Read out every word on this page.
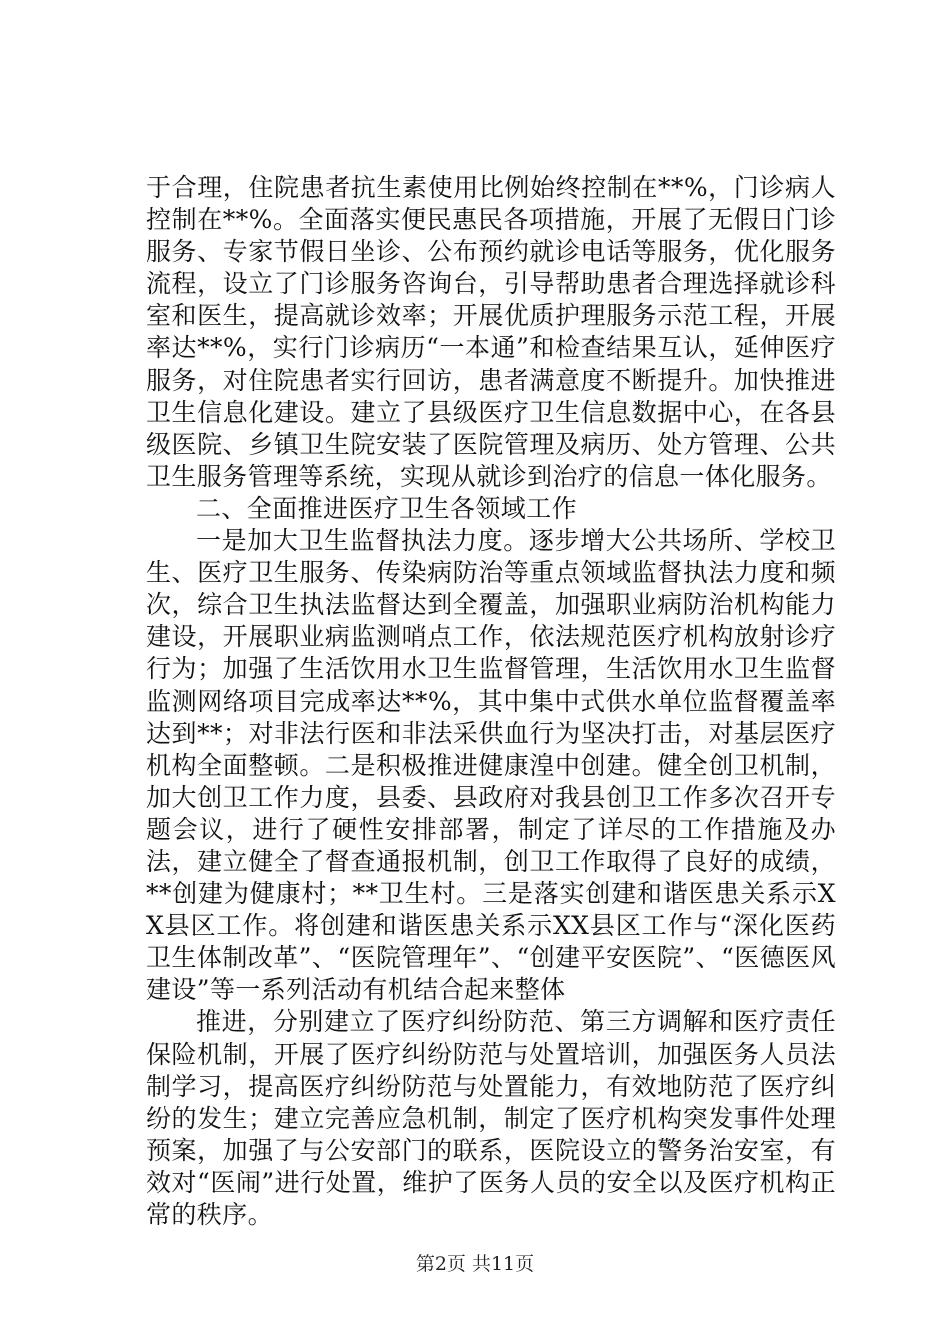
于合理，住院患者抗生素使用比例始终控制在**%，门诊病人控制在**%。全面落实便民惠民各项措施，开展了无假日门诊服务、专家节假日坐诊、公布预约就诊电话等服务，优化服务流程，设立了门诊服务咨询台，引导帮助患者合理选择就诊科室和医生，提高就诊效率；开展优质护理服务示范工程，开展率达**%，实行门诊病历“一本通”和检查结果互认，延伸医疗服务，对住院患者实行回访，患者满意度不断提升。加快推进卫生信息化建设。建立了县级医疗卫生信息数据中心，在各县级医院、乡镇卫生院安装了医院管理及病历、处方管理、公共卫生服务管理等系统，实现从就诊到治疗的信息一体化服务。

二、全面推进医疗卫生各领域工作

一是加大卫生监督执法力度。逐步增大公共场所、学校卫生、医疗卫生服务、传染病防治等重点领域监督执法力度和频次，综合卫生执法监督达到全覆盖，加强职业病防治机构能力建设，开展职业病监测哨点工作，依法规范医疗机构放射诊疗行为；加强了生活饮用水卫生监督管理，生活饮用水卫生监督监测网络项目完成率达**%，其中集中式供水单位监督覆盖率达到**；对非法行医和非法采供血行为坚决打击，对基层医疗机构全面整顿。二是积极推进健康湟中创建。健全创卫机制，加大创卫工作力度，县委、县政府对我县创卫工作多次召开专题会议，进行了硬性安排部署，制定了详尽的工作措施及办法，建立健全了督查通报机制，创卫工作取得了良好的成绩，**创建为健康村；**卫生村。三是落实创建和谐医患关系示XX县区工作。将创建和谐医患关系示XX县区工作与“深化医药卫生体制改革”、“医院管理年”、“创建平安医院”、“医德医风建设”等一系列活动有机结合起来整体

推进，分别建立了医疗纠纷防范、第三方调解和医疗责任保险机制，开展了医疗纠纷防范与处置培训，加强医务人员法制学习，提高医疗纠纷防范与处置能力，有效地防范了医疗纠纷的发生；建立完善应急机制，制定了医疗机构突发事件处理预案，加强了与公安部门的联系，医院设立的警务治安室，有效对“医闹”进行处置，维护了医务人员的安全以及医疗机构正常的秩序。

第2页 共11页
